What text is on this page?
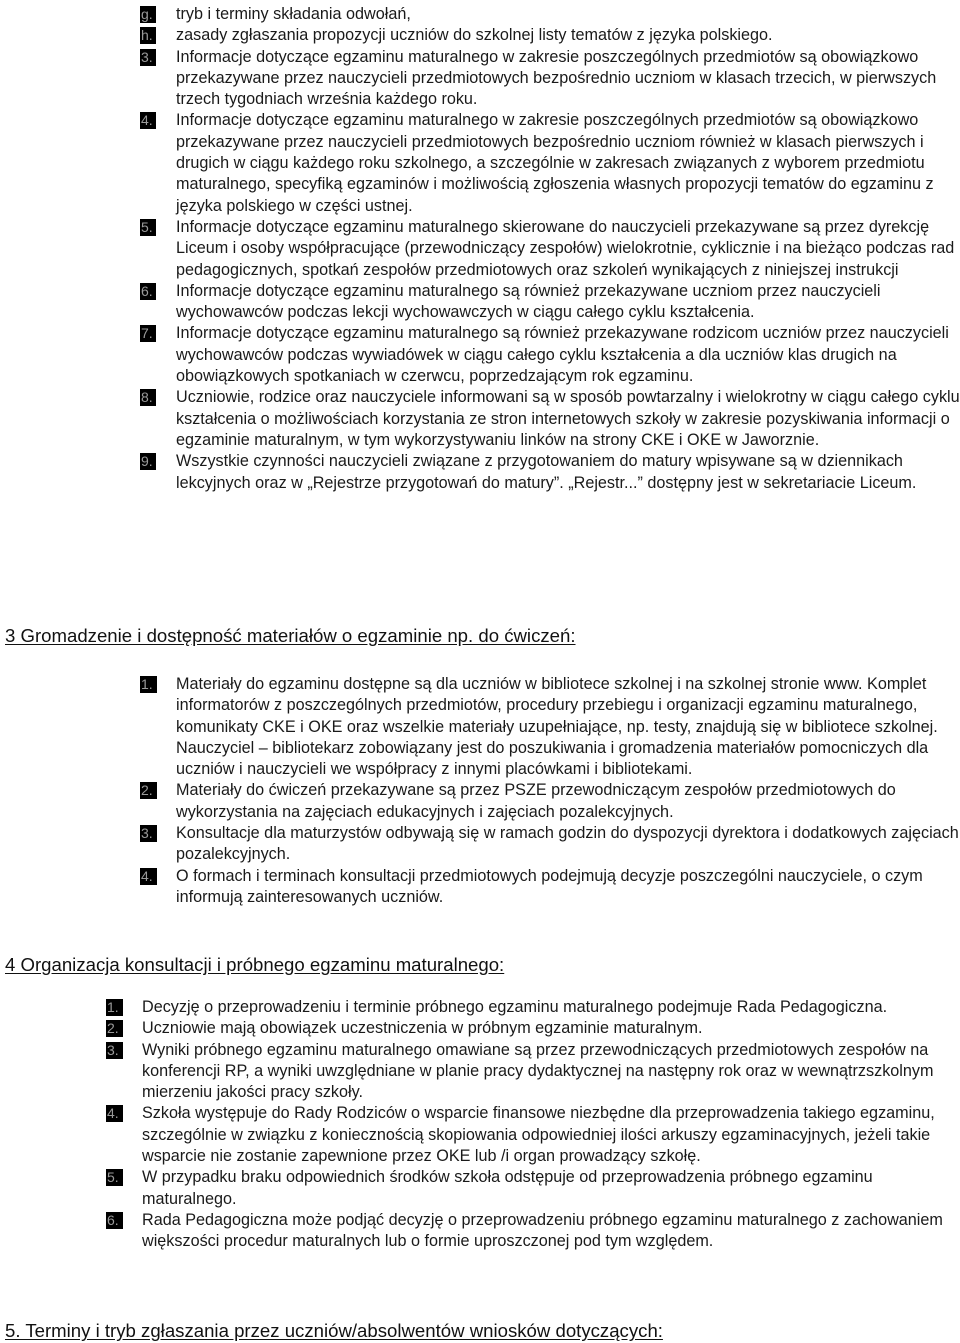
g. tryb i terminy składania odwołań,
h. zasady zgłaszania propozycji uczniów do szkolnej listy tematów z języka polskiego.
3. Informacje dotyczące egzaminu maturalnego w zakresie poszczególnych przedmiotów są obowiązkowo przekazywane przez nauczycieli przedmiotowych bezpośrednio uczniom w klasach trzecich, w pierwszych trzech tygodniach września każdego roku.
4. Informacje dotyczące egzaminu maturalnego w zakresie poszczególnych przedmiotów są obowiązkowo przekazywane przez nauczycieli przedmiotowych bezpośrednio uczniom również w klasach pierwszych i drugich w ciągu każdego roku szkolnego, a szczególnie w zakresach związanych z wyborem przedmiotu maturalnego, specyfiką egzaminów i możliwością zgłoszenia własnych propozycji tematów do egzaminu z języka polskiego w części ustnej.
5. Informacje dotyczące egzaminu maturalnego skierowane do nauczycieli przekazywane są przez dyrekcję Liceum i osoby współpracujące (przewodniczący zespołów) wielokrotnie, cyklicznie i na bieżąco podczas rad pedagogicznych, spotkań zespołów przedmiotowych oraz szkoleń wynikających z niniejszej instrukcji
6. Informacje dotyczące egzaminu maturalnego są również przekazywane uczniom przez nauczycieli wychowawców podczas lekcji wychowawczych w ciągu całego cyklu kształcenia.
7. Informacje dotyczące egzaminu maturalnego są również przekazywane rodzicom uczniów przez nauczycieli wychowawców podczas wywiadówek w ciągu całego cyklu kształcenia a dla uczniów klas drugich na obowiązkowych spotkaniach w czerwcu, poprzedzającym rok egzaminu.
8. Uczniowie, rodzice oraz nauczyciele informowani są w sposób powtarzalny i wielokrotny w ciągu całego cyklu kształcenia o możliwościach korzystania ze stron internetowych szkoły w zakresie pozyskiwania informacji o egzaminie maturalnym, w tym wykorzystywaniu linków na strony CKE i OKE w Jaworznie.
9. Wszystkie czynności nauczycieli związane z przygotowaniem do matury wpisywane są w dziennikach lekcyjnych oraz w „Rejestrze przygotowań do matury”. „Rejestr...” dostępny jest w sekretariacie Liceum.
3 Gromadzenie i dostępność materiałów o egzaminie np. do ćwiczeń:
1. Materiały do egzaminu dostępne są dla uczniów w bibliotece szkolnej i na szkolnej stronie www. Komplet informatorów z poszczególnych przedmiotów, procedury przebiegu i organizacji egzaminu maturalnego, komunikaty CKE i OKE oraz wszelkie materiały uzupełniające, np. testy, znajdują się w bibliotece szkolnej. Nauczyciel – bibliotekarz zobowiązany jest do poszukiwania i gromadzenia materiałów pomocniczych dla uczniów i nauczycieli we współpracy z innymi placówkami i bibliotekami.
2. Materiały do ćwiczeń przekazywane są przez PSZE przewodniczącym zespołów przedmiotowych do wykorzystania na zajęciach edukacyjnych i zajęciach pozalekcyjnych.
3. Konsultacje dla maturzystów odbywają się w ramach godzin do dyspozycji dyrektora i dodatkowych zajęciach pozalekcyjnych.
4. O formach i terminach konsultacji przedmiotowych podejmują decyzje poszczególni nauczyciele, o czym informują zainteresowanych uczniów.
4 Organizacja konsultacji i próbnego egzaminu maturalnego:
1. Decyzję o przeprowadzeniu i terminie próbnego egzaminu maturalnego podejmuje Rada Pedagogiczna.
2. Uczniowie mają obowiązek uczestniczenia w próbnym egzaminie maturalnym.
3. Wyniki próbnego egzaminu maturalnego omawiane są przez przewodniczących przedmiotowych zespołów na konferencji RP, a wyniki uwzględniane w planie pracy dydaktycznej na następny rok oraz w wewnątrzszkolnym mierzeniu jakości pracy szkoły.
4. Szkoła występuje do Rady Rodziców o wsparcie finansowe niezbędne dla przeprowadzenia takiego egzaminu, szczególnie w związku z koniecznością skopiowania odpowiedniej ilości arkuszy egzaminacyjnych, jeżeli takie wsparcie nie zostanie zapewnione przez OKE lub /i organ prowadzący szkołę.
5. W przypadku braku odpowiednich środków szkoła odstępuje od przeprowadzenia próbnego egzaminu maturalnego.
6. Rada Pedagogiczna może podjąć decyzję o przeprowadzeniu próbnego egzaminu maturalnego z zachowaniem większości procedur maturalnych lub o formie uproszczonej pod tym względem.
5. Terminy i tryb zgłaszania przez uczniów/absolwentów wniosków dotyczących:
